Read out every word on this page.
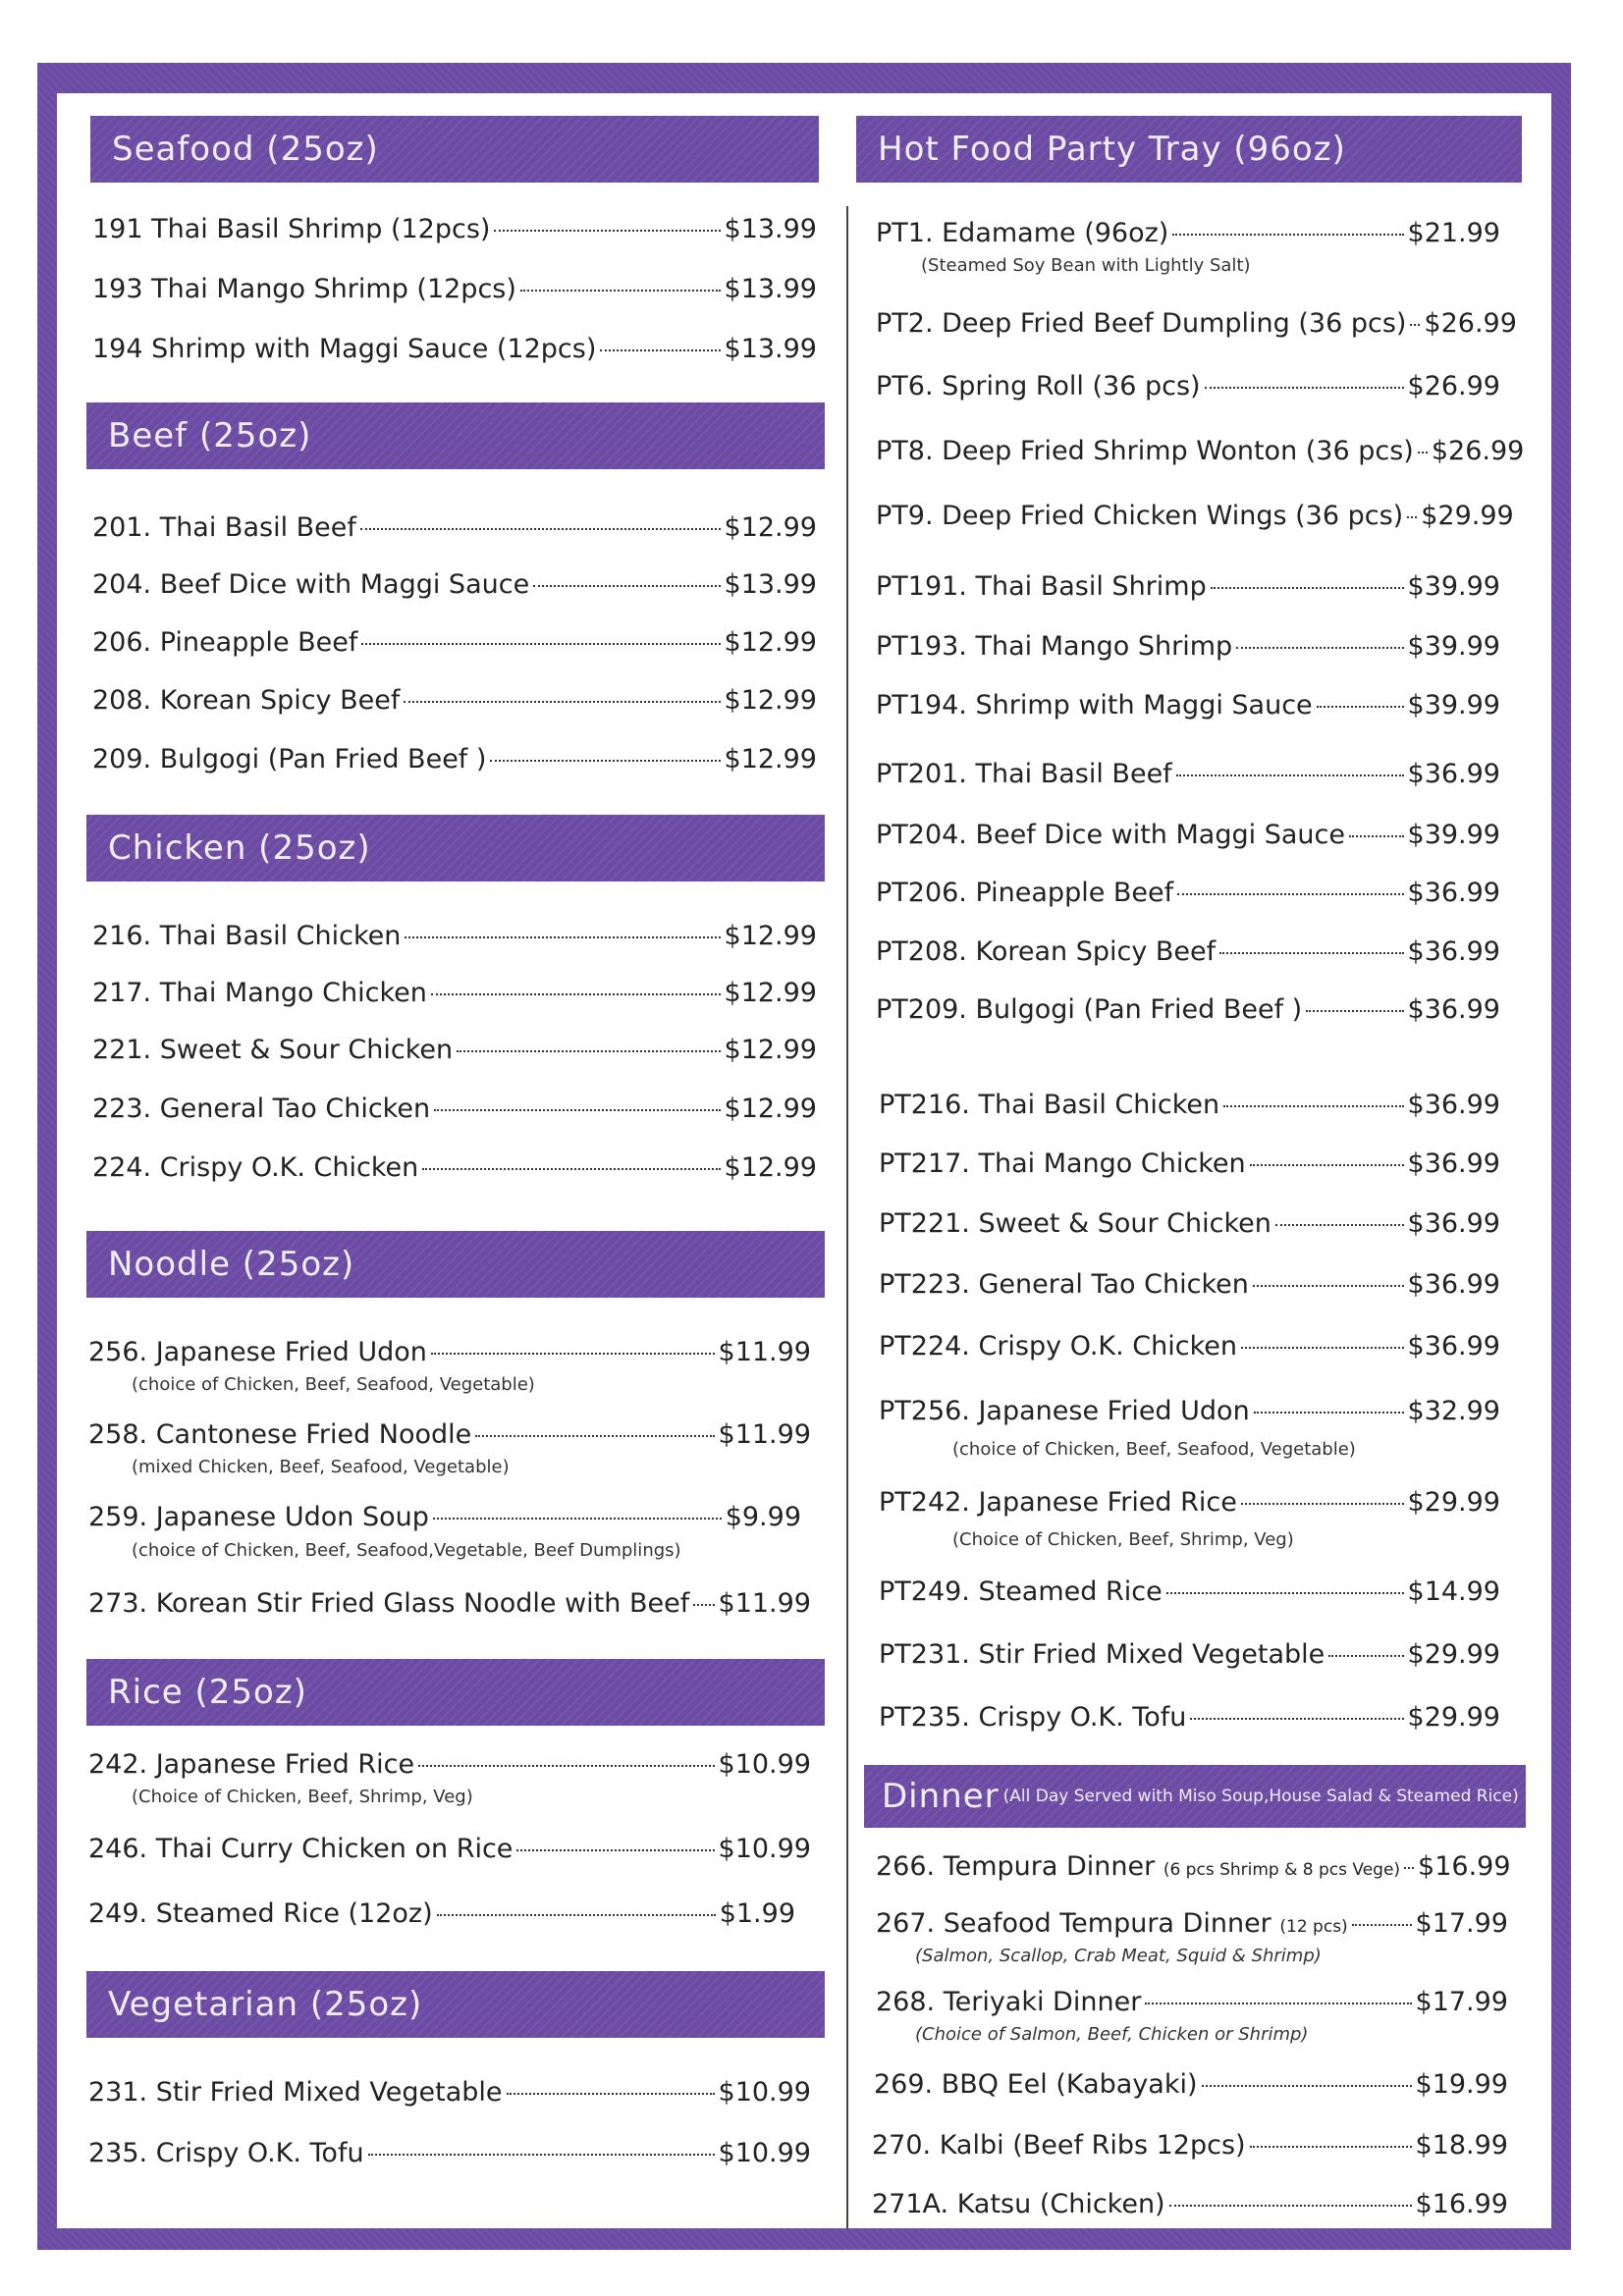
Seafood (25oz)
191 Thai Basil Shrimp (12pcs)	$13.99
193 Thai Mango Shrimp (12pcs)	$13.99
194 Shrimp with Maggi Sauce (12pcs)	$13.99
Beef (25oz)
201. Thai Basil Beef	$12.99
204. Beef Dice with Maggi Sauce	$13.99
206. Pineapple Beef	$12.99
208. Korean Spicy Beef	$12.99
209. Bulgogi (Pan Fried Beef )	$12.99
Chicken (25oz)
216. Thai Basil Chicken	$12.99
217. Thai Mango Chicken	$12.99
221. Sweet & Sour Chicken	$12.99
223. General Tao Chicken	$12.99
224. Crispy O.K. Chicken	$12.99
Noodle (25oz)
256. Japanese Fried Udon	$11.99
(choice of Chicken, Beef, Seafood, Vegetable)
258. Cantonese Fried Noodle	$11.99
(mixed Chicken, Beef, Seafood, Vegetable)
259. Japanese Udon Soup	$9.99
(choice of Chicken, Beef, Seafood,Vegetable, Beef Dumplings)
273. Korean Stir Fried Glass Noodle with Beef $11.99
Rice (25oz)
242. Japanese Fried Rice	$10.99
(Choice of Chicken, Beef, Shrimp, Veg)
246. Thai Curry Chicken on Rice	$10.99
249. Steamed Rice (12oz)	$1.99
Vegetarian (25oz)
231. Stir Fried Mixed Vegetable	$10.99
235. Crispy O.K. Tofu	$10.99
Hot Food Party Tray (96oz)
PT1. Edamame (96oz)	$21.99
(Steamed Soy Bean with Lightly Salt)
PT2. Deep Fried Beef Dumpling (36 pcs) $26.99
PT6. Spring Roll (36 pcs)	$26.99
PT8. Deep Fried Shrimp Wonton (36 pcs) $26.99
PT9. Deep Fried Chicken Wings (36 pcs) $29.99
PT191. Thai Basil Shrimp	$39.99
PT193. Thai Mango Shrimp	$39.99
PT194. Shrimp with Maggi Sauce	$39.99
PT201. Thai Basil Beef	$36.99
PT204. Beef Dice with Maggi Sauce $39.99
PT206. Pineapple Beef	$36.99
PT208. Korean Spicy Beef	$36.99
PT209. Bulgogi (Pan Fried Beef )	$36.99
PT216. Thai Basil Chicken	$36.99
PT217. Thai Mango Chicken	$36.99
PT221. Sweet & Sour Chicken	$36.99
PT223. General Tao Chicken	$36.99
PT224. Crispy O.K. Chicken	$36.99
PT256. Japanese Fried Udon	$32.99
(choice of Chicken, Beef, Seafood, Vegetable)
PT242. Japanese Fried Rice	$29.99
(Choice of Chicken, Beef, Shrimp, Veg)
PT249. Steamed Rice	$14.99
PT231. Stir Fried Mixed Vegetable	$29.99
PT235. Crispy O.K. Tofu	$29.99
Dinner (All Day Served with Miso Soup,House Salad & Steamed Rice)
266. Tempura Dinner (6 pcs Shrimp & 8 pcs Vege) $16.99
267. Seafood Tempura Dinner (12 pcs)	$17.99
(Salmon, Scallop, Crab Meat, Squid & Shrimp)
268. Teriyaki Dinner	$17.99
(Choice of Salmon, Beef, Chicken or Shrimp)
269. BBQ Eel (Kabayaki)	$19.99
270. Kalbi (Beef Ribs 12pcs)	$18.99
271A. Katsu (Chicken)	$16.99
